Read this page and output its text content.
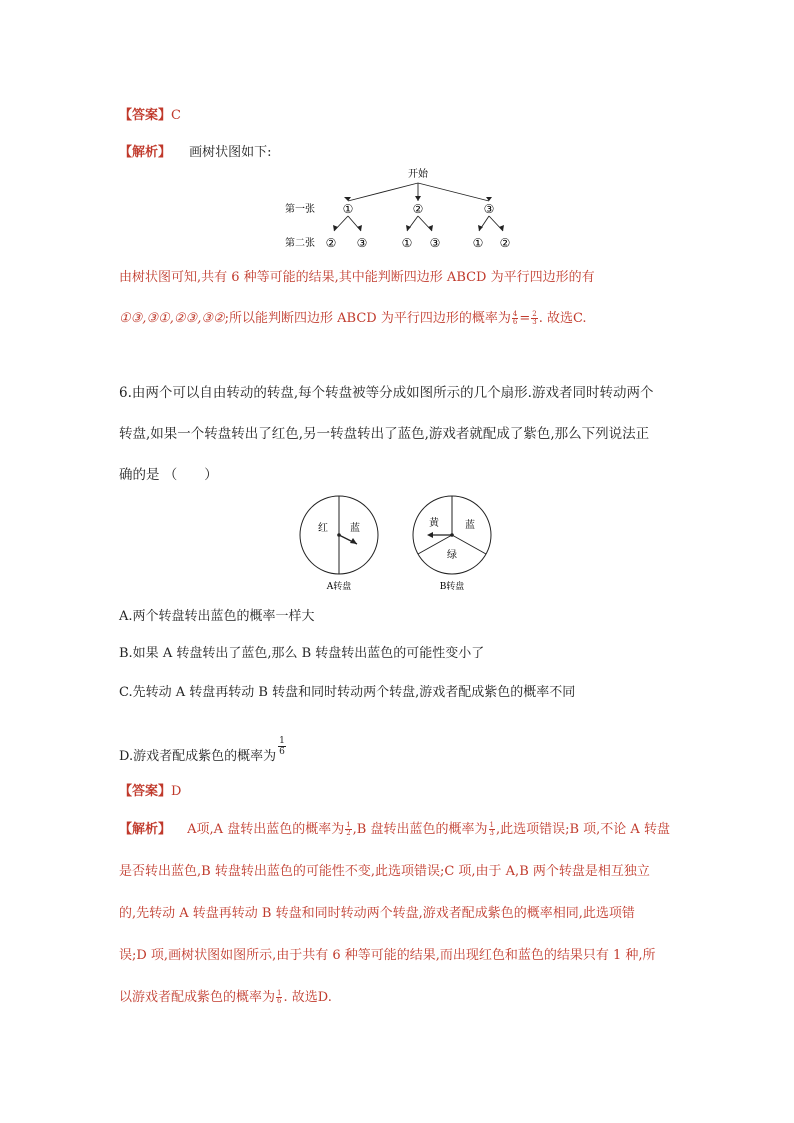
【答案】C
【解析】 画树状图如下:
开始
第一张
第二张
①	②	③
② ③	① ③	① ②
由树状图可知,共有 6 种等可能的结果,其中能判断四边形 ABCD 为平行四边形的有
①③,③①,②③,③②;所以能判断四边形 ABCD 为平行四边形的概率为 $\frac{4}{6} = \frac{2}{3}$ . 故选C.
6.由两个可以自由转动的转盘,每个转盘被等分成如图所示的几个扇形.游戏者同时转动两个
转盘,如果一个转盘转出了红色,另一转盘转出了蓝色,游戏者就配成了紫色,那么下列说法正
确的是 （　　）
红 蓝
A转盘
黄	蓝
绿
B转盘
A.两个转盘转出蓝色的概率一样大
B.如果 A 转盘转出了蓝色,那么 B 转盘转出蓝色的可能性变小了
C.先转动 A 转盘再转动 B 转盘和同时转动两个转盘,游戏者配成紫色的概率不同
D.游戏者配成紫色的概率为 $\frac{1}{6}$
【答案】D
【解析】 A项,A 盘转出蓝色的概率为 $\frac{1}{2} ,B$ 盘转出蓝色的概率为 $\frac{1}{3}$ ,此选项错误;B 项,不论 A 转盘
是否转出蓝色,B 转盘转出蓝色的可能性不变,此选项错误;C 项,由于 A,B 两个转盘是相互独立
的,先转动 A 转盘再转动 B 转盘和同时转动两个转盘,游戏者配成紫色的概率相同,此选项错
误;D 项,画树状图如图所示,由于共有 6 种等可能的结果,而出现红色和蓝色的结果只有 1 种,所
以游戏者配成紫色的概率为 $\frac{1}{6}$ . 故选D.
